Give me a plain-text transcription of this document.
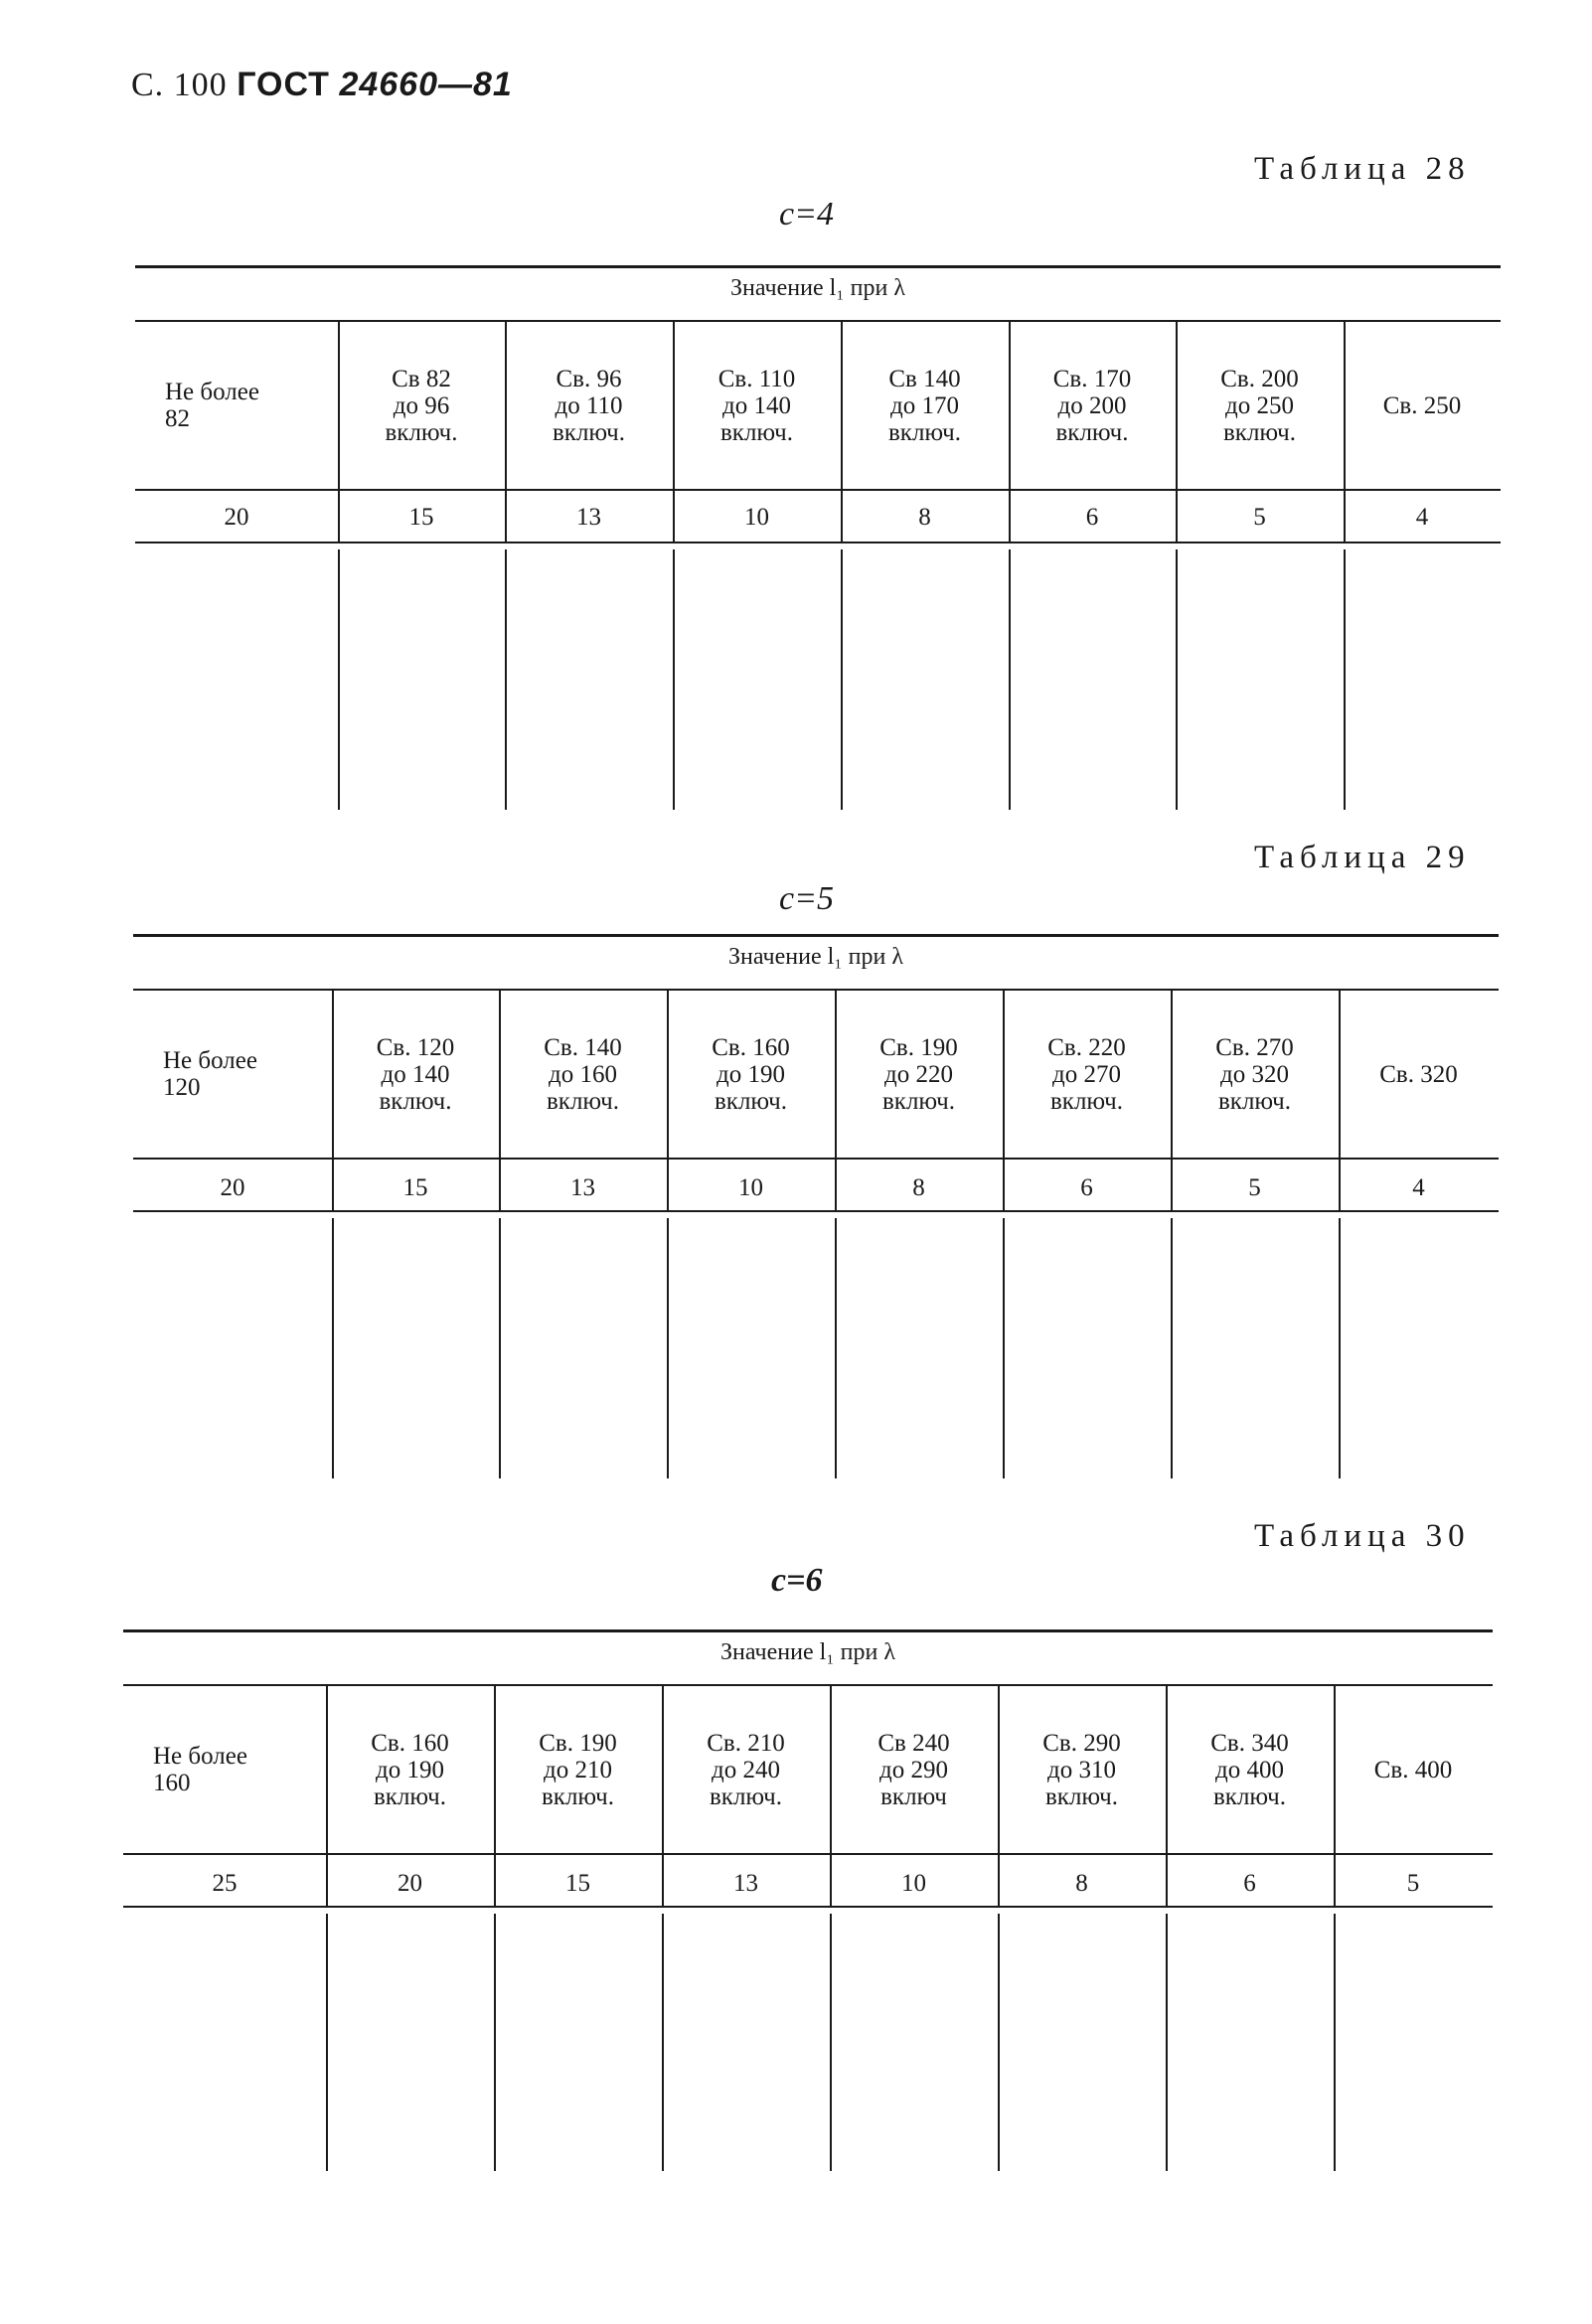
С. 100 ГОСТ 24660—81
Таблица 28
c=4
Таблица 29
c=5
Таблица 30
c=6
Значение l₁ при λ
Не более
82
20
Св 82
до 96
включ.
15
Св. 96
до 110
включ.
13
Св. 110
до 140
включ.
10
Св 140
до 170
включ.
8
Св. 170
до 200
включ.
6
Св. 200
до 250
включ.
5
Св. 250
4
Значение l₁ при λ
Не более
120
20
Св. 120
до 140
включ.
15
Св. 140
до 160
включ.
13
Св. 160
до 190
включ.
10
Св. 190
до 220
включ.
8
Св. 220
до 270
включ.
6
Св. 270
до 320
включ.
5
Св. 320
4
Значение l₁ при λ
Не более
160
25
Св. 160
до 190
включ.
20
Св. 190
до 210
включ.
15
Св. 210
до 240
включ.
13
Св 240
до 290
включ
10
Св. 290
до 310
включ.
8
Св. 340
до 400
включ.
6
Св. 400
5
